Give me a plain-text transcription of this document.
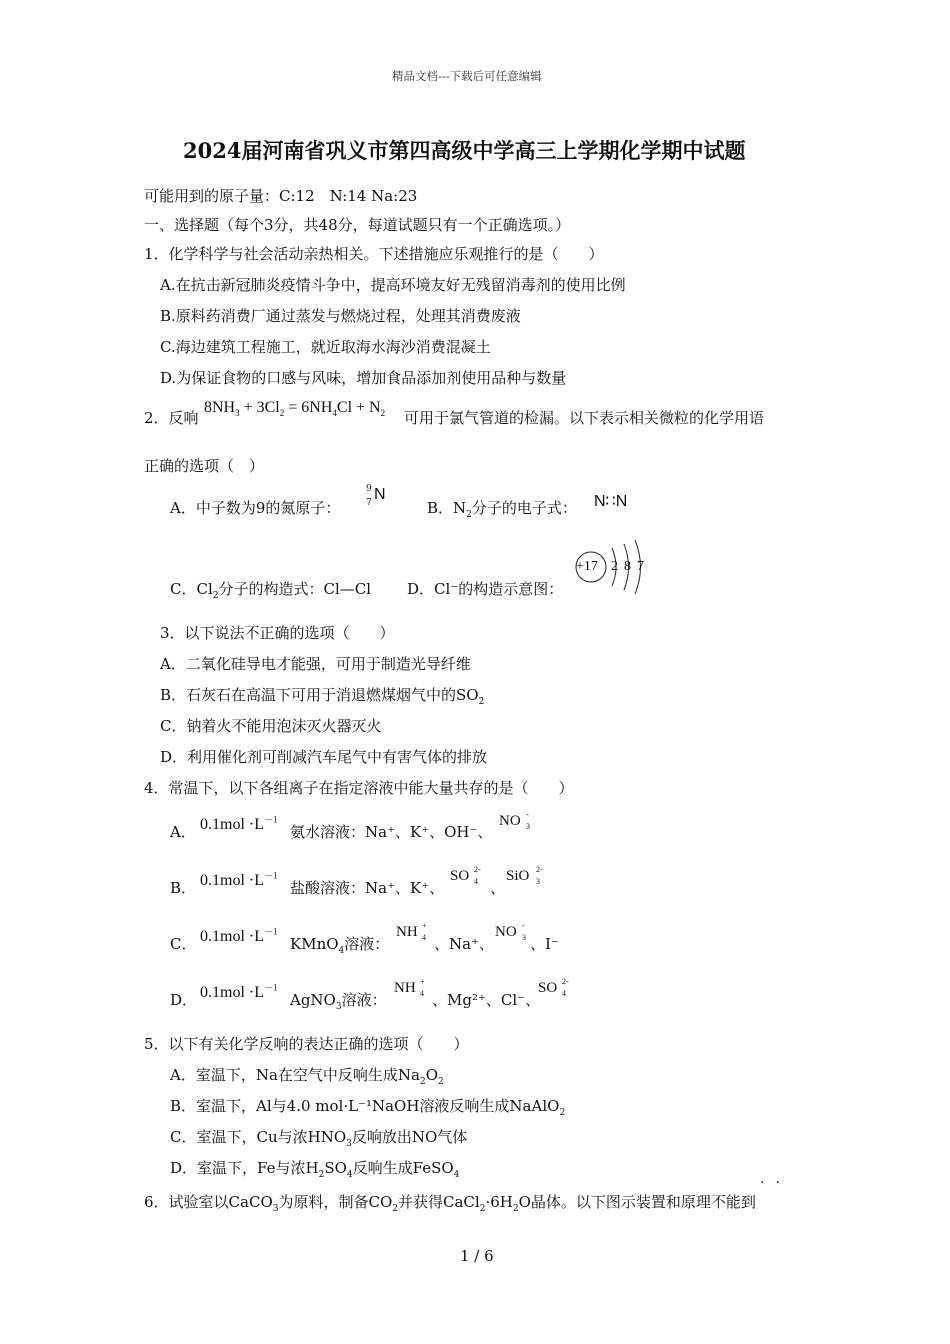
精品文档---下载后可任意编辑
2024届河南省巩义市第四高级中学高三上学期化学期中试题
可能用到的原子量：C:12　N:14 Na:23
一、选择题（每个3分，共48分，每道试题只有一个正确选项。）
1．化学科学与社会活动亲热相关。下述措施应乐观推行的是（　　）
A.在抗击新冠肺炎疫情斗争中，提高环境友好无残留消毒剂的使用比例
B.原料药消费厂通过蒸发与燃烧过程，处理其消费废液
C.海边建筑工程施工，就近取海水海沙消费混凝土
D.为保证食物的口感与风味，增加食品添加剂使用品种与数量
2．反响
$8NH_3 + 3Cl_2 = 6NH_4Cl + N_2$ 可用于氯气管道的检漏。以下表示相关微粒的化学用语
正确的选项（　）
A．中子数为9的氮原子：
9
7 N
B．$N_2$分子的电子式： N∷N
C．$Cl_2$分子的构造式：Cl—Cl D．Cl⁻的构造示意图：
+17 2 8 7
3．以下说法不正确的选项（　　）
A．二氧化硅导电才能强，可用于制造光导纤维
B．石灰石在高温下可用于消退燃煤烟气中的$SO_2$
C．钠着火不能用泡沫灭火器灭火
D．利用催化剂可削减汽车尾气中有害气体的排放
4．常温下，以下各组离子在指定溶液中能大量共存的是（　　）
A． $0.1mol \cdot L^{-1}$
氨水溶液：Na⁺、K⁺、OH⁻、
NO -
3
B． $0.1mol \cdot L^{-1}$
盐酸溶液：Na⁺、K⁺、
SO 2-
4 、
SiO 2-
3
C． $0.1mol \cdot L^{-1}$
KMnO$_4$溶液：
NH +
4 、Na⁺、
NO -
3 、I⁻
D． $0.1mol \cdot L^{-1}$
AgNO$_3$溶液：
NH +
4 、Mg²⁺、Cl⁻、
SO 2-
4
5．以下有关化学反响的表达正确的选项（　　）
A．室温下，Na在空气中反响生成$Na_2O_2$
B．室温下，Al与4.0 mol·L⁻¹NaOH溶液反响生成NaAlO$_2$
C．室温下，Cu与浓$HNO_3$反响放出NO气体
D．室温下，Fe与浓$H_2SO_4$反响生成FeSO$_4$
6．试验室以CaCO$_3$为原料，制备$CO_2$并获得$CaCl_2\cdot 6H_2O$晶体。以下图示装置和原理不能到
··
1 / 6
